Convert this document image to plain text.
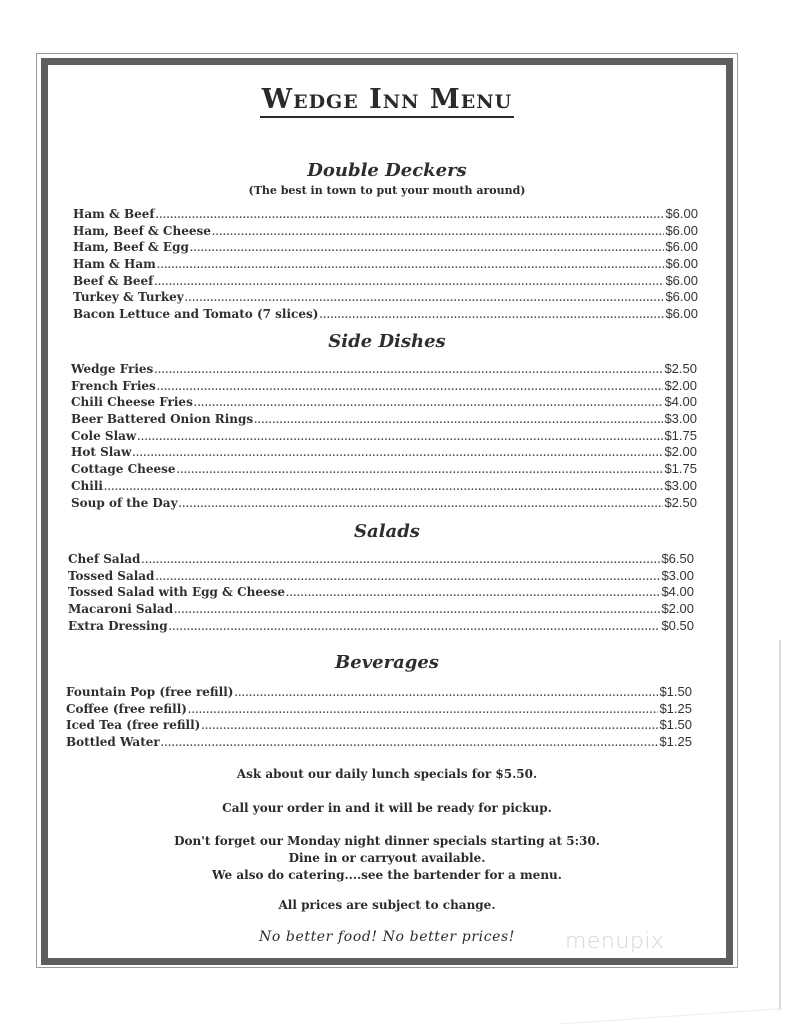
Wedge Inn Menu
Double Deckers
(The best in town to put your mouth around)
Ham & Beef .....	$6.00
Ham, Beef & Cheese .....	$6.00
Ham, Beef & Egg .....	$6.00
Ham & Ham .....	$6.00
Beef & Beef .....	$6.00
Turkey & Turkey .....	$6.00
Bacon Lettuce and Tomato (7 slices) .....	$6.00
Side Dishes
Wedge Fries .....	$2.50
French Fries .....	$2.00
Chili Cheese Fries .....	$4.00
Beer Battered Onion Rings .....	$3.00
Cole Slaw .....	$1.75
Hot Slaw .....	$2.00
Cottage Cheese .....	$1.75
Chili .....	$3.00
Soup of the Day .....	$2.50
Salads
Chef Salad .....	$6.50
Tossed Salad .....	$3.00
Tossed Salad with Egg & Cheese .....	$4.00
Macaroni Salad .....	$2.00
Extra Dressing .....	$0.50
Beverages
Fountain Pop (free refill) .....	$1.50
Coffee (free refill) .....	$1.25
Iced Tea (free refill) .....	$1.50
Bottled Water .....	$1.25
Ask about our daily lunch specials for $5.50.
Call your order in and it will be ready for pickup.
Don't forget our Monday night dinner specials starting at 5:30.
Dine in or carryout available.
We also do catering....see the bartender for a menu.
All prices are subject to change.
No better food! No better prices!	menupix
